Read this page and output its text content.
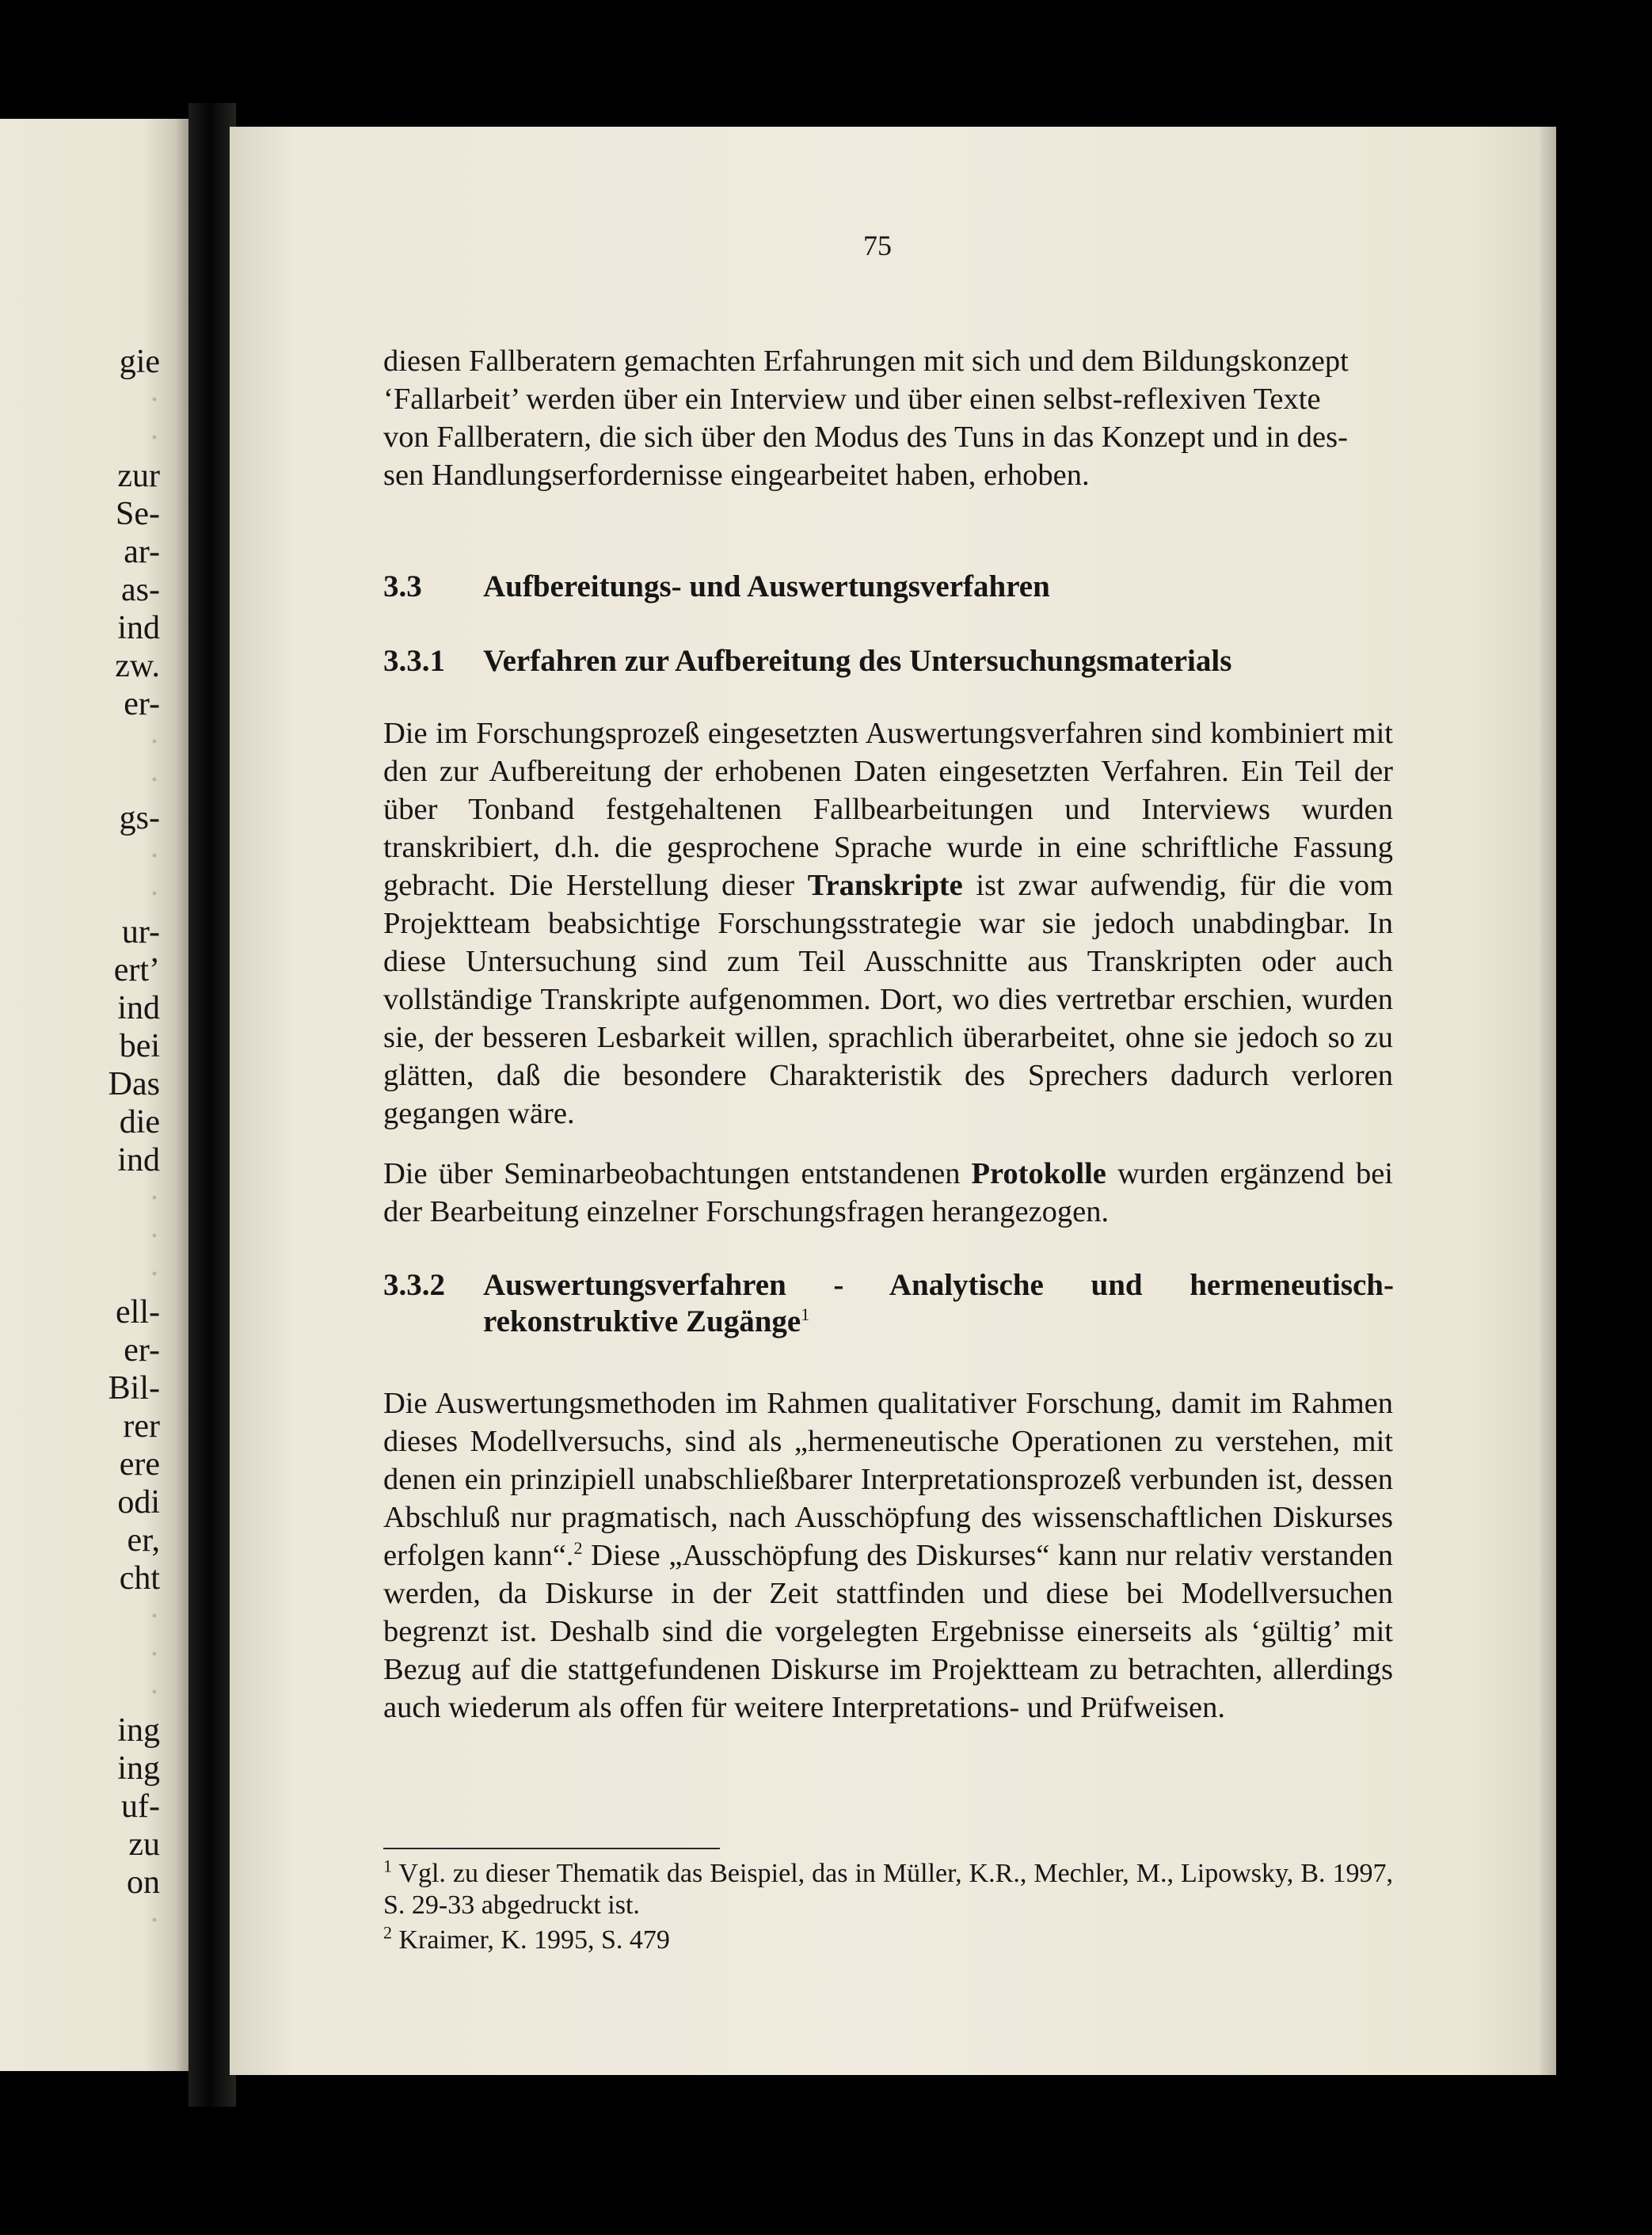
gie
·
·
zur
Se-
ar-
as-
ind
zw.
er-
·
·
gs-
·
·
ur-
ert’
ind
bei
Das
die
ind
·
·
·
ell-
er-
Bil-
rer
ere
odi
er,
cht
·
·
·
ing
ing
uf-
zu
on
·
75

diesen Fallberatern gemachten Erfahrungen mit sich und dem Bildungskonzept
‘Fallarbeit’ werden über ein Interview und über einen selbst-reflexiven Texte
von Fallberatern, die sich über den Modus des Tuns in das Konzept und in des-
sen Handlungserfordernisse eingearbeitet haben, erhoben.

3.3 Aufbereitungs- und Auswertungsverfahren
3.3.1 Verfahren zur Aufbereitung des Untersuchungsmaterials

Die im Forschungsprozeß eingesetzten Auswertungsverfahren sind kombiniert mit den zur Aufbereitung der erhobenen Daten eingesetzten Verfahren. Ein Teil der über Tonband festgehaltenen Fallbearbeitungen und Interviews wurden transkribiert, d.h. die gesprochene Sprache wurde in eine schriftliche Fassung gebracht. Die Herstellung dieser Transkripte ist zwar aufwendig, für die vom Projektteam beabsichtige Forschungsstrategie war sie jedoch unabdingbar. In diese Untersuchung sind zum Teil Ausschnitte aus Transkripten oder auch vollständige Transkripte aufgenommen. Dort, wo dies vertretbar erschien, wurden sie, der besseren Lesbarkeit willen, sprachlich überarbeitet, ohne sie jedoch so zu glätten, daß die besondere Charakteristik des Sprechers dadurch verloren gegangen wäre.

Die über Seminarbeobachtungen entstandenen Protokolle wurden ergänzend bei der Bearbeitung einzelner Forschungsfragen herangezogen.

3.3.2 Auswertungsverfahren - Analytische und hermeneutisch-rekonstruktive Zugänge$^1$

Die Auswertungsmethoden im Rahmen qualitativer Forschung, damit im Rahmen dieses Modellversuchs, sind als „hermeneutische Operationen zu verstehen, mit denen ein prinzipiell unabschließbarer Interpretationsprozeß verbunden ist, dessen Abschluß nur pragmatisch, nach Ausschöpfung des wissenschaftlichen Diskurses erfolgen kann“.$^2$ Diese „Ausschöpfung des Diskurses“ kann nur relativ verstanden werden, da Diskurse in der Zeit stattfinden und diese bei Modellversuchen begrenzt ist. Deshalb sind die vorgelegten Ergebnisse einerseits als ‘gültig’ mit Bezug auf die stattgefundenen Diskurse im Projektteam zu betrachten, allerdings auch wiederum als offen für weitere Interpretations- und Prüfweisen.

$^1$ Vgl. zu dieser Thematik das Beispiel, das in Müller, K.R., Mechler, M., Lipowsky, B. 1997, S. 29-33 abgedruckt ist.

$^2$ Kraimer, K. 1995, S. 479
